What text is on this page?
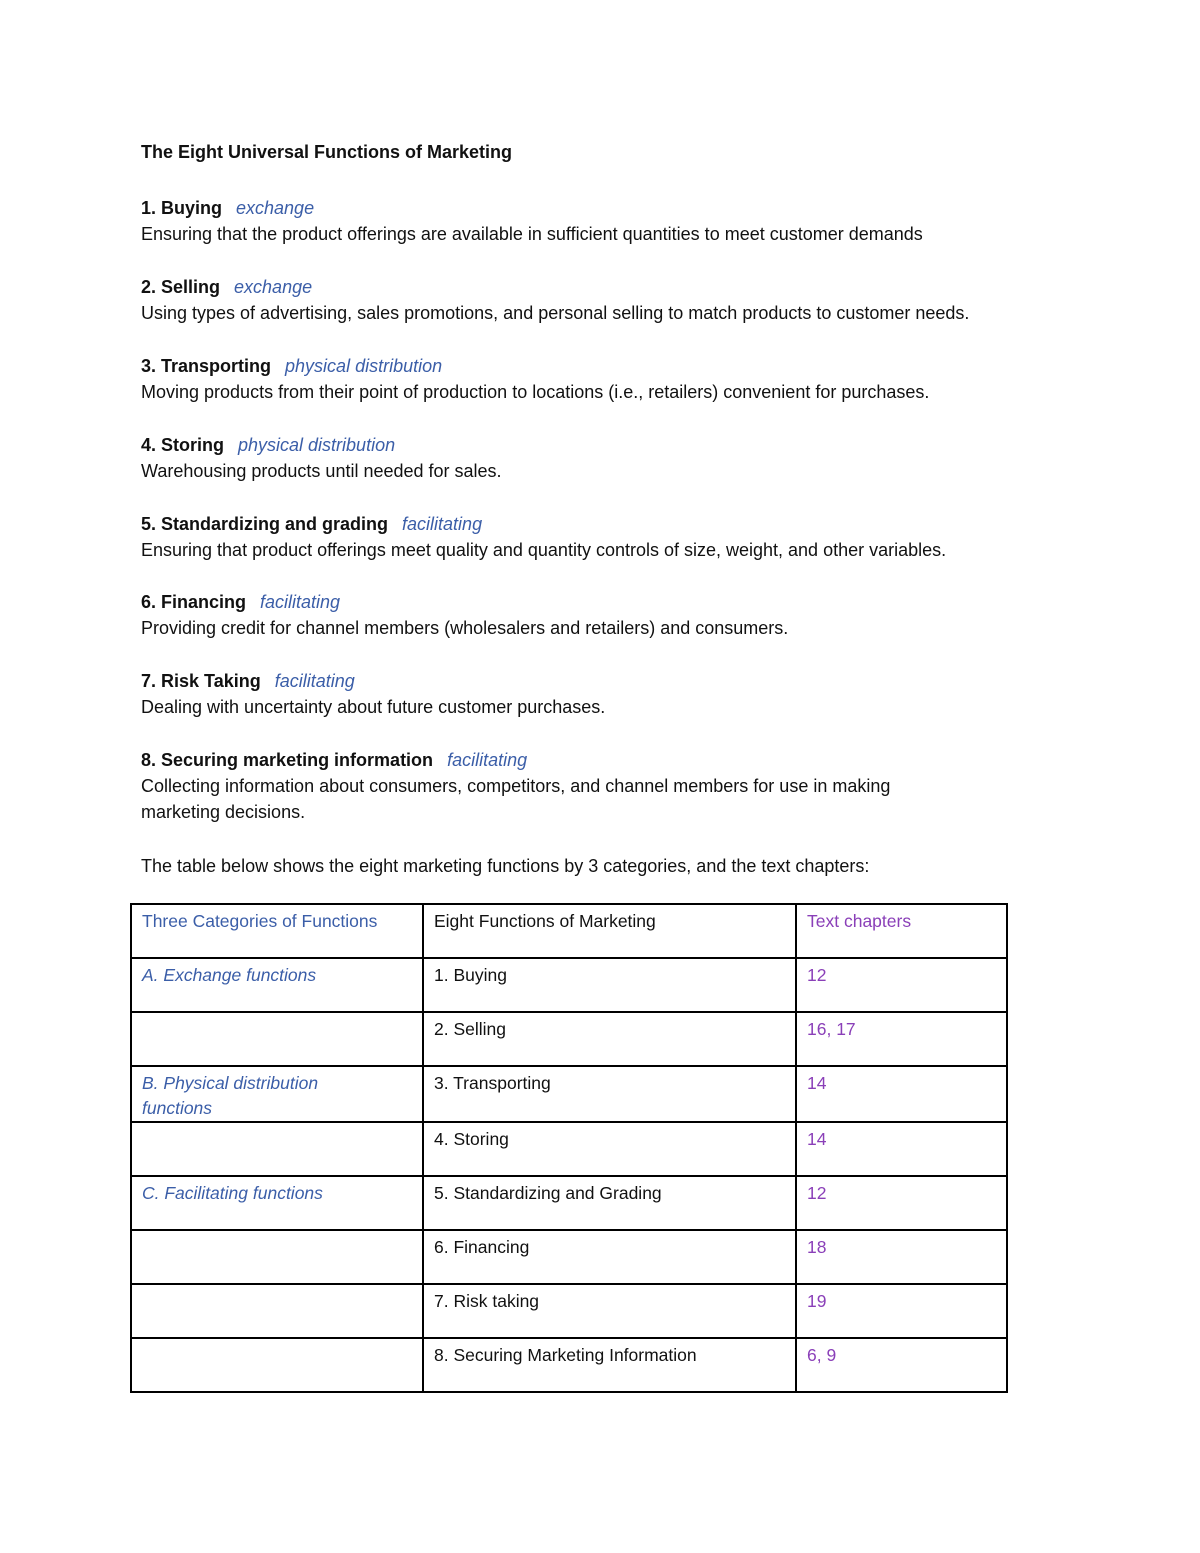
The Eight Universal Functions of Marketing
1. Buying exchange
Ensuring that the product offerings are available in sufficient quantities to meet customer demands
2. Selling exchange
Using types of advertising, sales promotions, and personal selling to match products to customer needs.
3. Transporting physical distribution
Moving products from their point of production to locations (i.e., retailers) convenient for purchases.
4. Storing physical distribution
Warehousing products until needed for sales.
5. Standardizing and grading facilitating
Ensuring that product offerings meet quality and quantity controls of size, weight, and other variables.
6. Financing facilitating
Providing credit for channel members (wholesalers and retailers) and consumers.
7. Risk Taking facilitating
Dealing with uncertainty about future customer purchases.
8. Securing marketing information facilitating
Collecting information about consumers, competitors, and channel members for use in making
marketing decisions.
The table below shows the eight marketing functions by 3 categories, and the text chapters:
Three Categories of Functions	Eight Functions of Marketing	Text chapters
A. Exchange functions	1. Buying	12
	2. Selling	16, 17

B. Physical distribution
functions	3. Transporting	14
	4. Storing	14
C. Facilitating functions	5. Standardizing and Grading	12
	6. Financing	18
	7. Risk taking	19
	8. Securing Marketing Information	6, 9
